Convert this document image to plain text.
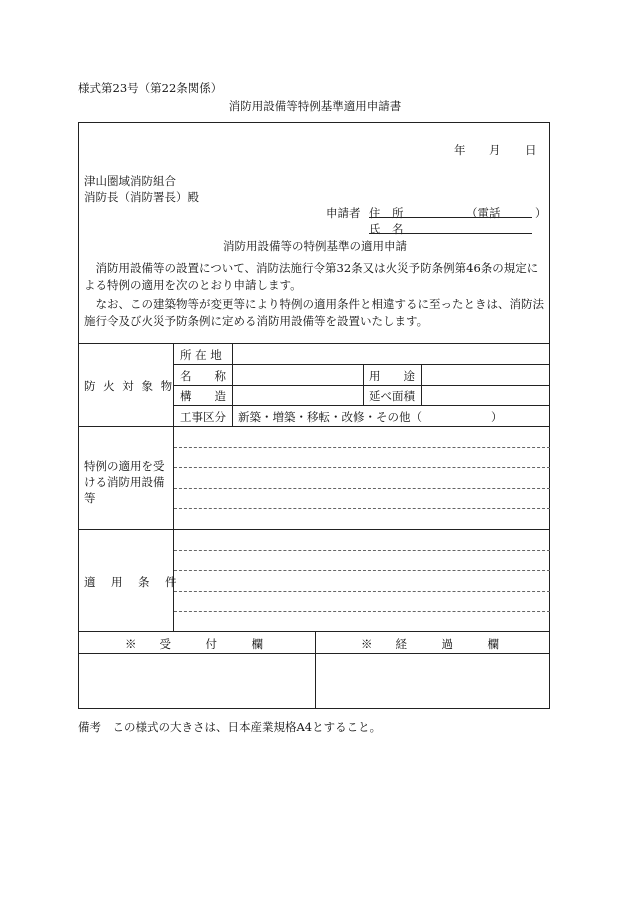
様式第23号（第22条関係）
消防用設備等特例基準適用申請書
年 月 日
津山圏域消防組合
消防長（消防署長）殿
申請者 住　所	（電話　　　）
氏　名
消防用設備等の特例基準の適用申請
消防用設備等の設置について、消防法施行令第32条又は火災予防条例第46条の規定による特例の適用を次のとおり申請します。
なお、この建築物等が変更等により特例の適用条件と相違するに至ったときは、消防法施行令及び火災予防条例に定める消防用設備等を設置いたします。
防 火 対 象 物
所 在 地
名　　称	用　　途
構　　造	延べ面積
工事区分 新築・増築・移転・改修・その他（　　　　　　）
特例の適用を受ける消防用設備等
適　用　条　件
※　　受　　　付　　　欄	※　　経　　　過　　　欄
備考　この様式の大きさは、日本産業規格A4とすること。
